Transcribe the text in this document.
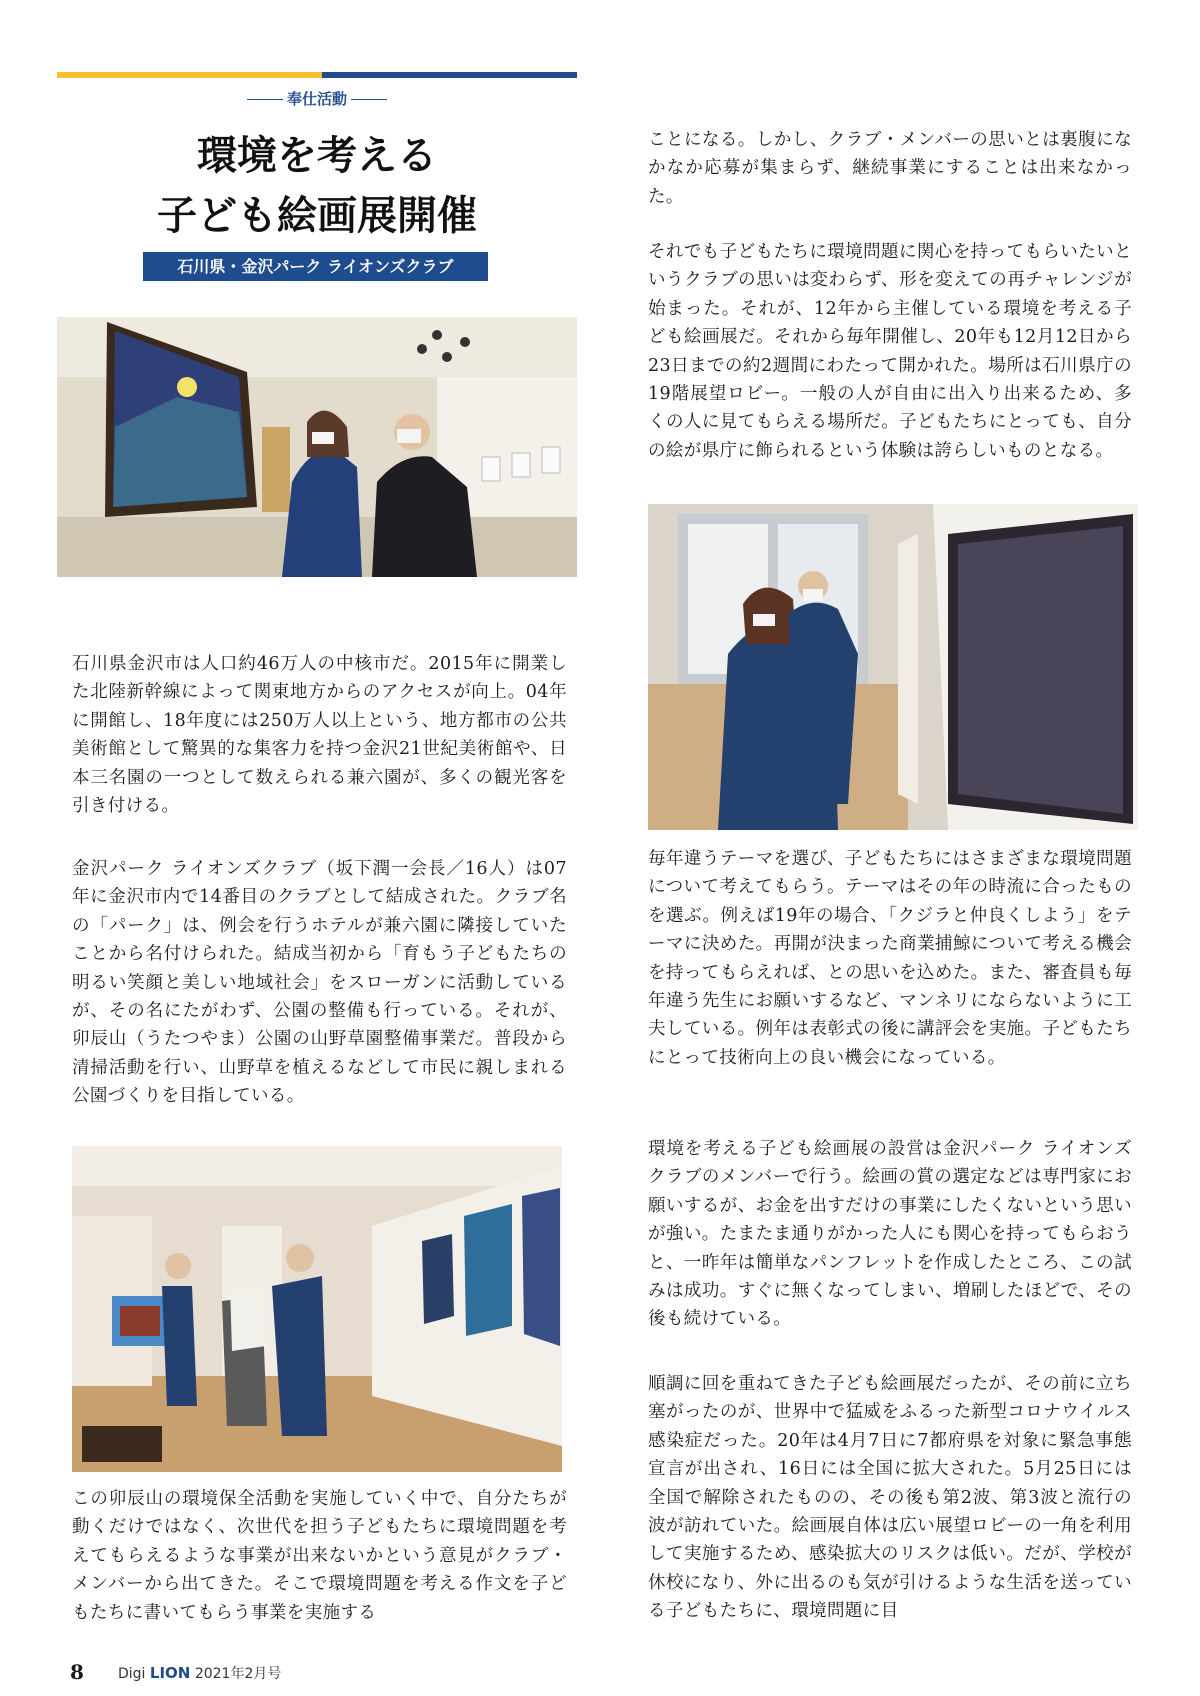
奉仕活動
環境を考える
子ども絵画展開催
石川県・金沢パーク ライオンズクラブ

石川県金沢市は人口約46万人の中核市だ。2015年に開業した北陸新幹線によって関東地方からのアクセスが向上。04年に開館し、18年度には250万人以上という、地方都市の公共美術館として驚異的な集客力を持つ金沢21世紀美術館や、日本三名園の一つとして数えられる兼六園が、多くの観光客を引き付ける。

金沢パーク ライオンズクラブ（坂下潤一会長／16人）は07年に金沢市内で14番目のクラブとして結成された。クラブ名の「パーク」は、例会を行うホテルが兼六園に隣接していたことから名付けられた。結成当初から「育もう子どもたちの明るい笑顔と美しい地域社会」をスローガンに活動しているが、その名にたがわず、公園の整備も行っている。それが、卯辰山（うたつやま）公園の山野草園整備事業だ。普段から清掃活動を行い、山野草を植えるなどして市民に親しまれる公園づくりを目指している。

この卯辰山の環境保全活動を実施していく中で、自分たちが動くだけではなく、次世代を担う子どもたちに環境問題を考えてもらえるような事業が出来ないかという意見がクラブ・メンバーから出てきた。そこで環境問題を考える作文を子どもたちに書いてもらう事業を実施する

ことになる。しかし、クラブ・メンバーの思いとは裏腹になかなか応募が集まらず、継続事業にすることは出来なかった。

それでも子どもたちに環境問題に関心を持ってもらいたいというクラブの思いは変わらず、形を変えての再チャレンジが始まった。それが、12年から主催している環境を考える子ども絵画展だ。それから毎年開催し、20年も12月12日から23日までの約2週間にわたって開かれた。場所は石川県庁の19階展望ロビー。一般の人が自由に出入り出来るため、多くの人に見てもらえる場所だ。子どもたちにとっても、自分の絵が県庁に飾られるという体験は誇らしいものとなる。

毎年違うテーマを選び、子どもたちにはさまざまな環境問題について考えてもらう。テーマはその年の時流に合ったものを選ぶ。例えば19年の場合、「クジラと仲良くしよう」をテーマに決めた。再開が決まった商業捕鯨について考える機会を持ってもらえれば、との思いを込めた。また、審査員も毎年違う先生にお願いするなど、マンネリにならないように工夫している。例年は表彰式の後に講評会を実施。子どもたちにとって技術向上の良い機会になっている。

環境を考える子ども絵画展の設営は金沢パーク ライオンズクラブのメンバーで行う。絵画の賞の選定などは専門家にお願いするが、お金を出すだけの事業にしたくないという思いが強い。たまたま通りがかった人にも関心を持ってもらおうと、一昨年は簡単なパンフレットを作成したところ、この試みは成功。すぐに無くなってしまい、増刷したほどで、その後も続けている。

順調に回を重ねてきた子ども絵画展だったが、その前に立ち塞がったのが、世界中で猛威をふるった新型コロナウイルス感染症だった。20年は4月7日に7都府県を対象に緊急事態宣言が出され、16日には全国に拡大された。5月25日には全国で解除されたものの、その後も第2波、第3波と流行の波が訪れていた。絵画展自体は広い展望ロビーの一角を利用して実施するため、感染拡大のリスクは低い。だが、学校が休校になり、外に出るのも気が引けるような生活を送っている子どもたちに、環境問題に目

8 Digi LION 2021年2月号
